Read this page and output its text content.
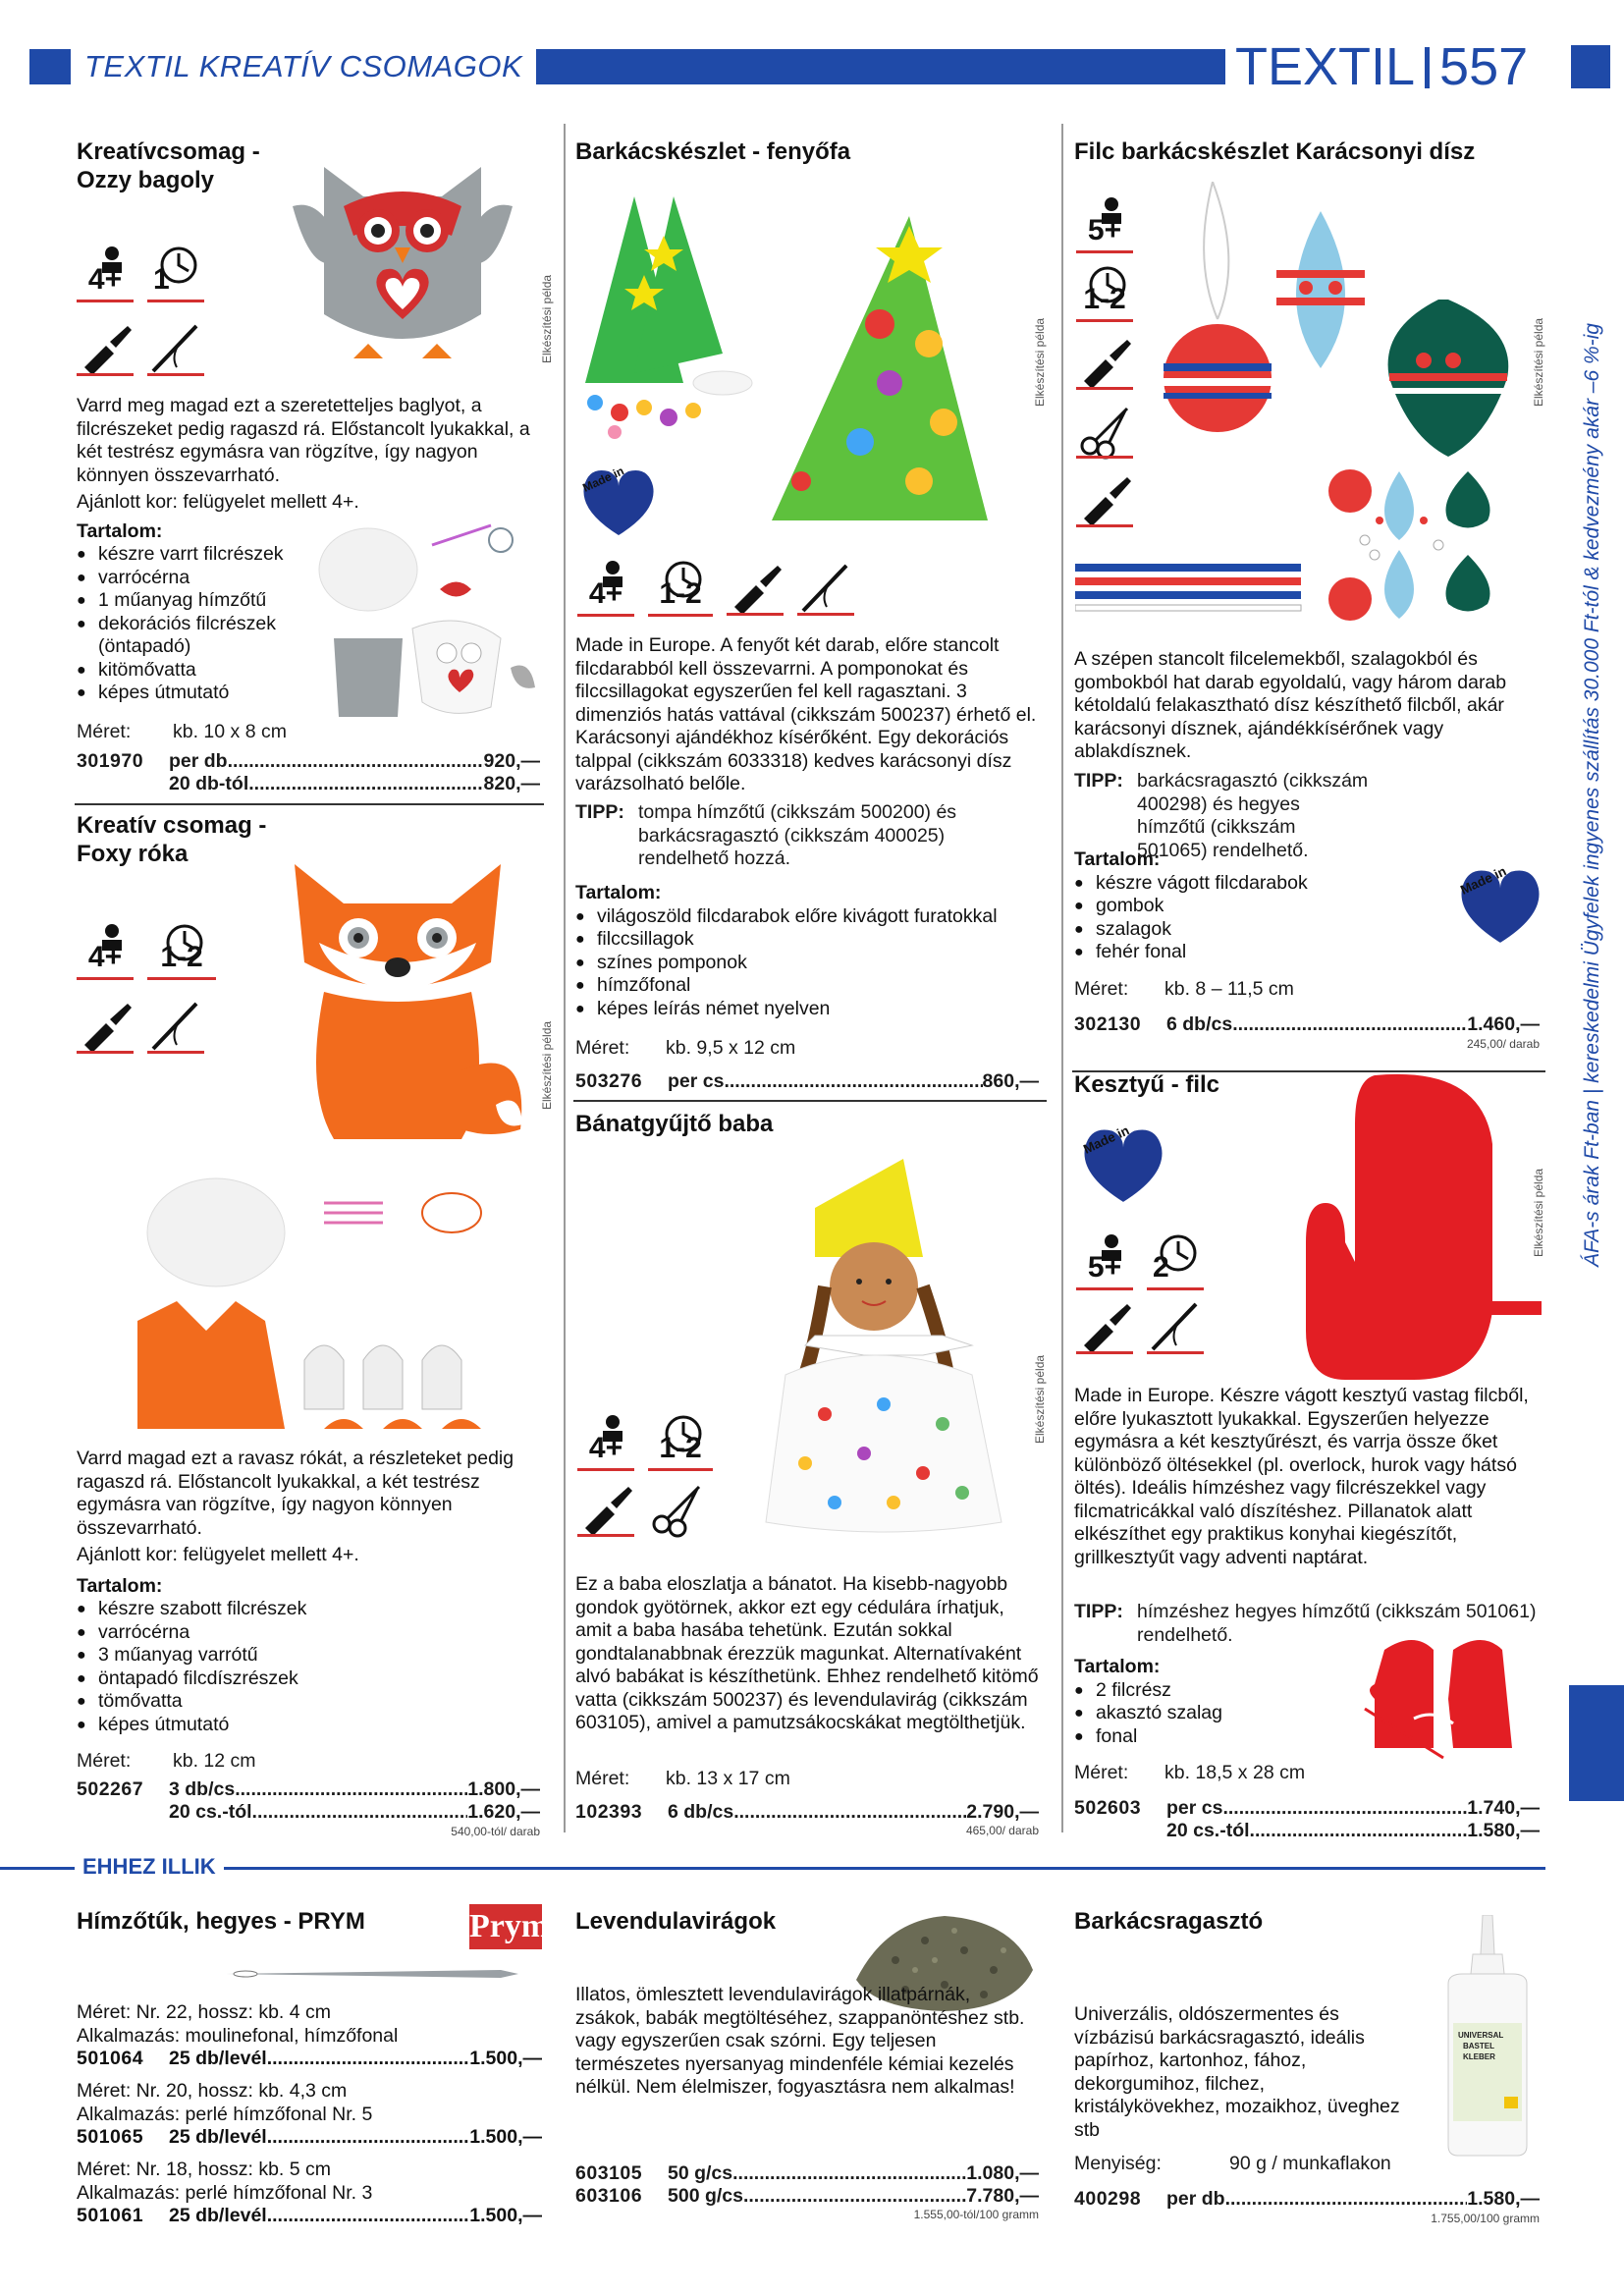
TEXTIL KREATÍV CSOMAGOK	TEXTIL 557
ÁFA-s árak Ft-ban | kereskedelmi Ügyfelek ingyenes szállítás 30.000 Ft-tól & kedvezmény akár –6 %-ig
Kreatívcsomag -
Ozzy bagoly
Elkészítési példa
4+	1

Varrd meg magad ezt a szeretetteljes baglyot, a filcrészeket pedig ragaszd rá. Előstancolt lyukakkal, a két testrész egymásra van rögzítve, így nagyon könnyen összevarrható.

Ajánlott kor: felügyelet mellett 4+.

Tartalom:

● készre varrt filcrészek
● varrócérna
● 1 műanyag hímzőtű
● dekorációs filcrészek (öntapadó)
● kitömővatta
● képes útmutató
Méret: kb. 10 x 8 cm
301970	per db .....	920,—
20 db-tól .....	820,—
Kreatív csomag -
Foxy róka
Elkészítési példa
4+	1-2

Varrd magad ezt a ravasz rókát, a részleteket pedig ragaszd rá. Előstancolt lyukakkal, a két testrész egymásra van rögzítve, így nagyon könnyen összevarrható.

Ajánlott kor: felügyelet mellett 4+.

Tartalom:

● készre szabott filcrészek
● varrócérna
● 3 műanyag varrótű
● öntapadó filcdíszrészek
● tömővatta
● képes útmutató
Méret: kb. 12 cm
502267	3 db/cs. .....	1.800,—
20 cs.-tól .....	1.620,—
540,00-tól/ darab
Barkácskészlet - fenyőfa
Made in
Elkészítési példa
4+	1-2

Made in Europe. A fenyőt két darab, előre stancolt filcdarabból kell összevarrni. A pomponokat és filccsillagokat egyszerűen fel kell ragasztani. 3 dimenziós hatás vattával (cikkszám 500237) érhető el. Karácsonyi ajándékhoz kísérőként. Egy dekorációs talppal (cikkszám 6033318) kedves karácsonyi dísz varázsolható belőle.

TIPP: tompa hímzőtű (cikkszám 500200) és barkácsragasztó (cikkszám 400025) rendelhető hozzá.

Tartalom:

● világoszöld filcdarabok előre kivágott furatokkal
● filccsillagok
● színes pomponok
● hímzőfonal
● képes leírás német nyelven
Méret: kb. 9,5 x 12 cm
503276	per cs. .....	860,—
Bánatgyűjtő baba
Elkészítési példa
4+	1-2

Ez a baba eloszlatja a bánatot. Ha kisebb-nagyobb gondok gyötörnek, akkor ezt egy cédulára írhatjuk, amit a baba hasába tehetünk. Ezután sokkal gondtalanabbnak érezzük magunkat. Alternatívaként alvó babákat is készíthetünk. Ehhez rendelhető kitömő vatta (cikkszám 500237) és levendulavirág (cikkszám 603105), amivel a pamutzsákocskákat megtölthetjük.

Méret: kb. 13 x 17 cm
102393	6 db/cs. .....	2.790,—
465,00/ darab
Filc barkácskészlet Karácsonyi dísz
Elkészítési példa
5+
1-2

A szépen stancolt filcelemekből, szalagokból és gombokból hat darab egyoldalú, vagy három darab kétoldalú felakasztható dísz készíthető filcből, akár karácsonyi dísznek, ajándékkísérőnek vagy ablakdísznek.

TIPP: barkácsragasztó (cikkszám 400298) és hegyes hímzőtű (cikkszám 501065) rendelhető.

Tartalom:

● készre vágott filcdarabok
● gombok
● szalagok
● fehér fonal
Made in
Méret: kb. 8 – 11,5 cm
302130	6 db/cs. .....	1.460,—
245,00/ darab
Kesztyű - filc
Made in
Elkészítési példa
5+	2

Made in Europe. Készre vágott kesztyű vastag filcből, előre lyukasztott lyukakkal. Egyszerűen helyezze egymásra a két kesztyűrészt, és varrja össze őket különböző öltésekkel (pl. overlock, hurok vagy hátsó öltés). Ideális hímzéshez vagy filcrészekkel vagy filcmatricákkal való díszítéshez. Pillanatok alatt elkészíthet egy praktikus konyhai kiegészítőt, grillkesztyűt vagy adventi naptárat.

TIPP: hímzéshez hegyes hímzőtű (cikkszám 501061) rendelhető.

Tartalom:

● 2 filcrész
● akasztó szalag
● fonal
Méret: kb. 18,5 x 28 cm
502603	per cs. .....	1.740,—
20 cs.-tól .....	1.580,—
EHHEZ ILLIK
Hímzőtűk, hegyes - PRYM	Prym

Méret: Nr. 22, hossz: kb. 4 cm

Alkalmazás: moulinefonal, hímzőfonal

501064	25 db/levél .....	1.500,—

Méret: Nr. 20, hossz: kb. 4,3 cm

Alkalmazás: perlé hímzőfonal Nr. 5

501065	25 db/levél .....	1.500,—

Méret: Nr. 18, hossz: kb. 5 cm

Alkalmazás: perlé hímzőfonal Nr. 3

501061	25 db/levél .....	1.500,—
Levendulavirágok

Illatos, ömlesztett levendulavirágok illatpárnák, zsákok, babák megtöltéséhez, szappanöntéshez stb. vagy egyszerűen csak szórni. Egy teljesen természetes nyersanyag mindenféle kémiai kezelés nélkül. Nem élelmiszer, fogyasztásra nem alkalmas!

603105	50 g/cs. .....	1.080,—
603106	500 g/cs. .....	7.780,—
1.555,00-tól/100 gramm
Barkácsragasztó
UNIVERSAL
BASTEL
KLEBER

Univerzális, oldószermentes és vízbázisú barkácsragasztó, ideális papírhoz, kartonhoz, fához, dekorgumihoz, filchez, kristálykövekhez, mozaikhoz, üveghez stb

Menyiség:	90 g / munkaflakon
400298	per db .....	1.580,—
1.755,00/100 gramm
